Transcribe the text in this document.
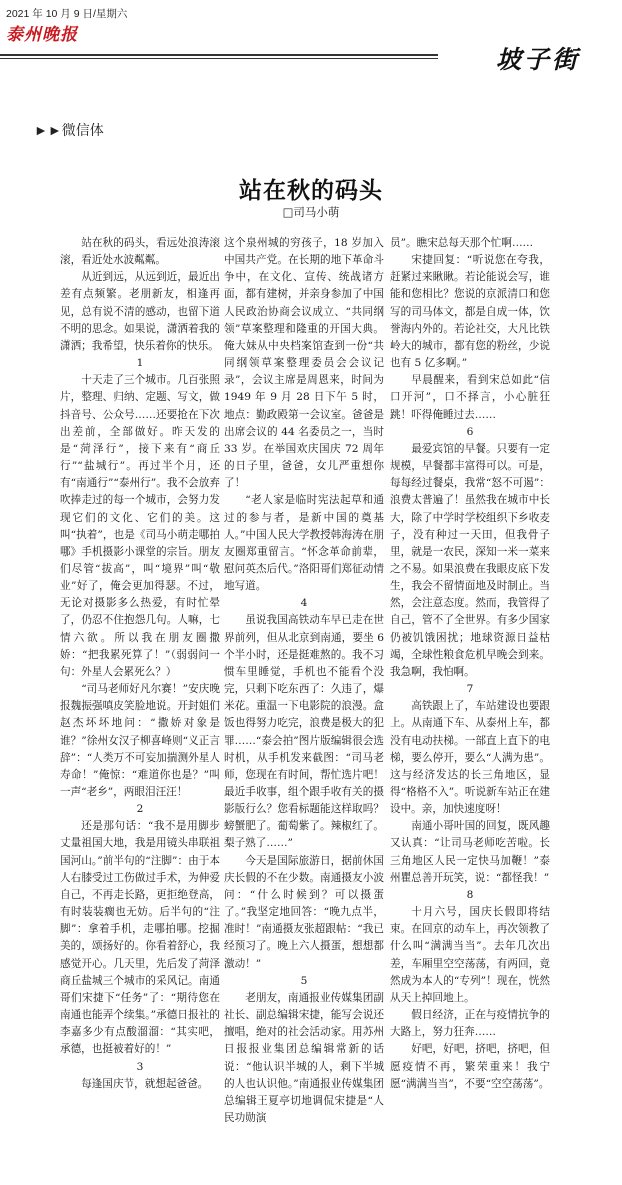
2021 年 10 月 9 日/星期六
泰州晚报
坡子街
►►微信体
站在秋的码头
□司马小萌

站在秋的码头，看远处浪涛滚滚，看近处水波粼粼。

从近到远，从远到近，最近出差有点频繁。老朋新友，相逢再见，总有说不清的感动，也留下道不明的思念。如果说，潇洒着我的潇洒；我希望，快乐着你的快乐。

1

十天走了三个城市。几百张照片，整理、归纳、定题、写文，做抖音号、公众号……还要抢在下次出差前，全部做好。昨天发的是“菏泽行”，接下来有“商丘行”“盐城行”。再过半个月，还有“南通行”“泰州行”。我不会放弃吹捧走过的每一个城市，会努力发现它们的文化、它们的美。这叫“执着”，也是《司马小萌走哪拍哪》手机摄影小课堂的宗旨。朋友们尽管“拔高”，叫“境界”叫“敬业”好了，俺会更加得瑟。不过，无论对摄影多么热爱，有时忙晕了，仍忍不住抱怨几句。人嘛，七情六欲。所以我在朋友圈撒娇：“把我累死算了！”（弱弱问一句：外星人会累死么？）

“司马老师好凡尔赛！”安庆晚报魏振强嗔皮笑脸地说。开封姐们赵杰坏坏地问：“撒娇对象是谁？”徐州女汉子柳喜峰则“义正言辞”：“人类万不可妄加揣测外星人寿命！”俺惊：“难道你也是？”叫一声“老乡”，两眼泪汪汪！

2

还是那句话：“我不是用脚步丈量祖国大地，我是用镜头串联祖国河山。”前半句的“注脚”：由于本人右膝受过工伤做过手术，为伸爱自己，不再走长路，更拒绝登高，有时装装瘸也无妨。后半句的“注脚”：拿着手机，走哪拍哪。挖掘美的，颂扬好的。你看着舒心，我感觉开心。几天里，先后发了菏泽商丘盐城三个城市的采风记。南通哥们宋捷下“任务”了：“期待您在南通也能弄个续集。”承德日报社的李嘉多少有点酸溜溜：“其实吧，承德，也挺被着好的！”

3

每逢国庆节，就想起爸爸。

这个泉州城的穷孩子，18 岁加入中国共产党。在长期的地下革命斗争中，在文化、宣传、统战诸方面，都有建树，并亲身参加了中国人民政治协商会议成立、“共同纲领”草案整理和隆重的开国大典。俺大妹从中央档案馆查到一份“共同纲领草案整理委员会会议记录”，会议主席是周恩来，时间为 1949 年 9 月 28 日下午 5 时，地点：勤政殿第一会议室。爸爸是出席会议的 44 名委员之一，当时 33 岁。在举国欢庆国庆 72 周年的日子里，爸爸，女儿严重想你了！

“老人家是临时宪法起草和通过的参与者，是新中国的奠基人。”中国人民大学教授韩海涛在朋友圈郑重留言。“怀念革命前辈，慰问英杰后代。”洛阳哥们郑征动情地写道。

4

虽说我国高铁动车早已走在世界前列，但从北京到南通，要坐 6 个半小时，还是挺难熬的。我不习惯车里睡觉，手机也不能看个没完，只剩下吃东西了：久违了，爆米花。重温一下电影院的浪漫。盒饭也得努力吃完，浪费是极大的犯罪……“泰会拍”图片版编辑很会选时机，从手机发来截图：“司马老师，您现在有时间，帮忙选片吧！最近手收事，组个跟手收有关的摄影版行么？您看标题能这样取吗？螃蟹肥了。葡萄紫了。辣椒红了。梨子熟了……”

今天是国际旅游日，据前休国庆长假的不在少数。南通摄友小波问：“什么时候到？可以摄蛋了。”我坚定地回答：“晚九点半，准时！”南通摄友张超跟帖：“我已经预习了。晚上六人摄蛋，想想都激动！”

5

老朋友，南通报业传媒集团副社长、副总编辑宋捷，能写会说还擅唱，绝对的社会活动家。用苏州日报报业集团总编辑常新的话说：“他认识半城的人，剩下半城的人也认识他。”南通报业传媒集团总编辑王夏亭切地调侃宋捷是“人民功勋演

员”。瞧宋总每天那个忙啊……

宋捷回复：“听说您在夸我，赶紧过来瞅瞅。若论能说会写，谁能和您相比？您说的京派清口和您写的司马体文，都是自成一体，饮誉海内外的。若论社交，大凡比铁岭大的城市，都有您的粉丝，少说也有 5 亿多啊。”

早晨醒来，看到宋总如此“信口开河”，口不择言，小心脏狂跳！吓得俺睡过去……

6

最爱宾馆的早餐。只要有一定规模，早餐都丰富得可以。可是，每每经过餐桌，我常“怒不可遏”：浪费太普遍了！虽然我在城市中长大，除了中学时学校组织下乡收麦子，没有种过一天田，但我骨子里，就是一农民，深知一米一菜来之不易。如果浪费在我眼皮底下发生，我会不留情面地及时制止。当然，会注意态度。然而，我管得了自己，管不了全世界。有多少国家仍被饥饿困扰；地球资源日益枯竭，全球性粮食危机早晚会到来。我急啊，我怕啊。

7

高铁跟上了，车站建设也要跟上。从南通下车、从泰州上车，都没有电动扶梯。一部直上直下的电梯，要么停开，要么“人满为患”。这与经济发达的长三角地区，显得“格格不入”。听说新车站正在建设中。亲，加快速度呀！

南通小哥叶国的回复，既风趣又认真：“让司马老师吃苦啦。长三角地区人民一定快马加鞭！”泰州瞿总善开玩笑，说：“都怪我！”

8

十月六号，国庆长假即将结束。在回京的动车上，再次领教了什么叫“满满当当”。去年几次出差，车厢里空空荡荡，有两回，竟然成为本人的“专列”！现在，恍然从天上掉回地上。

假日经济，正在与疫情抗争的大路上，努力狂奔……

好吧，好吧，挤吧，挤吧，但愿疫情不再，繁荣重来！我宁愿“满满当当”，不要“空空荡荡”。
